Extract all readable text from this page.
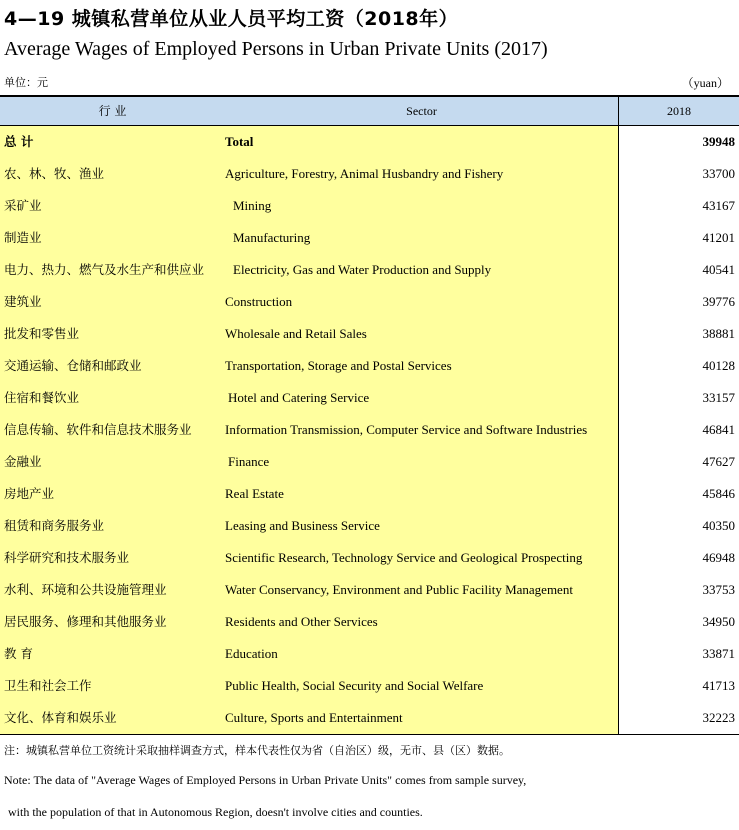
4—19 城镇私营单位从业人员平均工资（2018年）
Average Wages of Employed Persons in Urban Private Units (2017)
单位：元	（yuan）
行 业	Sector	2018
总 计	Total	39948
农、林、牧、渔业	Agriculture, Forestry, Animal Husbandry and Fishery	33700
采矿业	Mining	43167
制造业	Manufacturing	41201
电力、热力、燃气及水生产和供应业	Electricity, Gas and Water Production and Supply	40541
建筑业	Construction	39776
批发和零售业	Wholesale and Retail Sales	38881
交通运输、仓储和邮政业	Transportation, Storage and Postal Services	40128
住宿和餐饮业	Hotel and Catering Service	33157
信息传输、软件和信息技术服务业	Information Transmission, Computer Service and Software Industries	46841
金融业	Finance	47627
房地产业	Real Estate	45846
租赁和商务服务业	Leasing and Business Service	40350
科学研究和技术服务业	Scientific Research, Technology Service and Geological Prospecting	46948
水利、环境和公共设施管理业	Water Conservancy, Environment and Public Facility Management	33753
居民服务、修理和其他服务业	Residents and Other Services	34950
教 育	Education	33871
卫生和社会工作	Public Health, Social Security and Social Welfare	41713
文化、体育和娱乐业	Culture, Sports and Entertainment	32223
注：城镇私营单位工资统计采取抽样调查方式，样本代表性仅为省（自治区）级，无市、县（区）数据。
Note: The data of "Average Wages of Employed Persons in Urban Private Units" comes from sample survey,
with the population of that in Autonomous Region, doesn't involve cities and counties.
